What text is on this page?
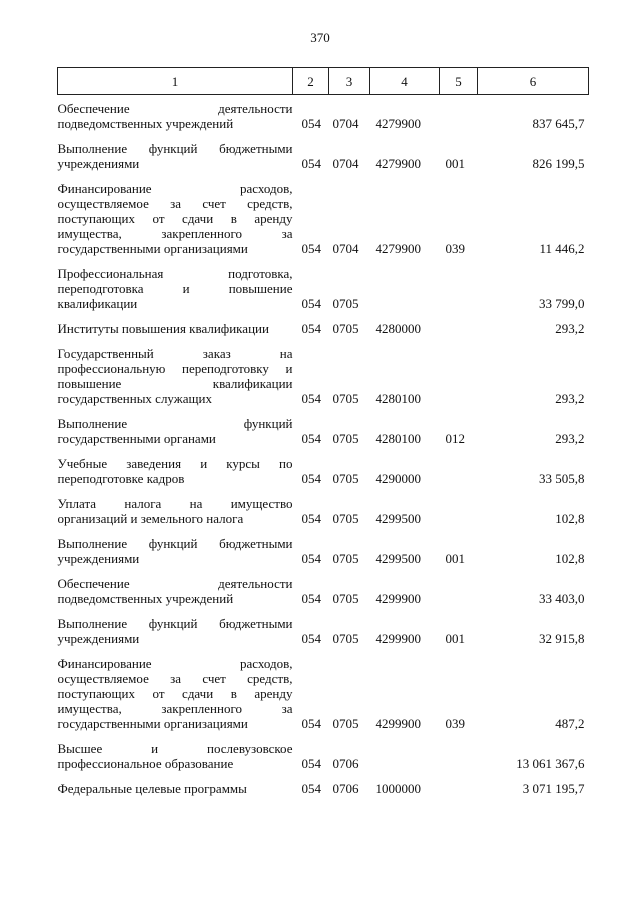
370
1	2	3	4	5	6

Обеспечение деятельности
подведомственных учреждений	054	0704	4279900		837 645,7

Выполнение функций бюджетными
учреждениями	054	0704	4279900	001	826 199,5

Финансирование расходов,
осуществляемое за счет средств,
поступающих от сдачи в аренду
имущества, закрепленного за
государственными организациями	054	0704	4279900	039	11 446,2

Профессиональная подготовка,
переподготовка и повышение
квалификации	054	0705			33 799,0

Институты повышения квалификации	054	0705	4280000		293,2

Государственный заказ на
профессиональную переподготовку и
повышение квалификации
государственных служащих	054	0705	4280100		293,2

Выполнение функций
государственными органами	054	0705	4280100	012	293,2

Учебные заведения и курсы по
переподготовке кадров	054	0705	4290000		33 505,8

Уплата налога на имущество
организаций и земельного налога	054	0705	4299500		102,8

Выполнение функций бюджетными
учреждениями	054	0705	4299500	001	102,8

Обеспечение деятельности
подведомственных учреждений	054	0705	4299900		33 403,0

Выполнение функций бюджетными
учреждениями	054	0705	4299900	001	32 915,8

Финансирование расходов,
осуществляемое за счет средств,
поступающих от сдачи в аренду
имущества, закрепленного за
государственными организациями	054	0705	4299900	039	487,2

Высшее и послевузовское
профессиональное образование	054	0706			13 061 367,6

Федеральные целевые программы	054	0706	1000000		3 071 195,7
